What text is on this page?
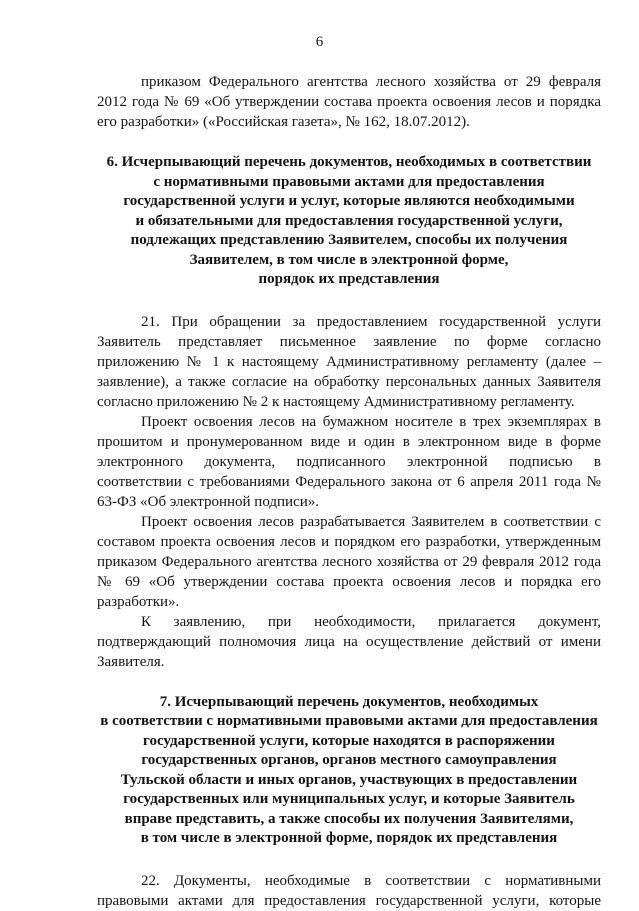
6

приказом Федерального агентства лесного хозяйства от 29 февраля 2012 года № 69 «Об утверждении состава проекта освоения лесов и порядка его разработки» («Российская газета», № 162, 18.07.2012).

6. Исчерпывающий перечень документов, необходимых в соответствии
с нормативными правовыми актами для предоставления
государственной услуги и услуг, которые являются необходимыми
и обязательными для предоставления государственной услуги,
подлежащих представлению Заявителем, способы их получения
Заявителем, в том числе в электронной форме,
порядок их представления

21. При обращении за предоставлением государственной услуги Заявитель представляет письменное заявление по форме согласно приложению № 1 к настоящему Административному регламенту (далее – заявление), а также согласие на обработку персональных данных Заявителя согласно приложению № 2 к настоящему Административному регламенту.

Проект освоения лесов на бумажном носителе в трех экземплярах в прошитом и пронумерованном виде и один в электронном виде в форме электронного документа, подписанного электронной подписью в соответствии с требованиями Федерального закона от 6 апреля 2011 года № 63-ФЗ «Об электронной подписи».

Проект освоения лесов разрабатывается Заявителем в соответствии с составом проекта освоения лесов и порядком его разработки, утвержденным приказом Федерального агентства лесного хозяйства от 29 февраля 2012 года № 69 «Об утверждении состава проекта освоения лесов и порядка его разработки».

К заявлению, при необходимости, прилагается документ, подтверждающий полномочия лица на осуществление действий от имени Заявителя.

7. Исчерпывающий перечень документов, необходимых
в соответствии с нормативными правовыми актами для предоставления
государственной услуги, которые находятся в распоряжении
государственных органов, органов местного самоуправления
Тульской области и иных органов, участвующих в предоставлении
государственных или муниципальных услуг, и которые Заявитель
вправе представить, а также способы их получения Заявителями,
в том числе в электронной форме, порядок их представления

22. Документы, необходимые в соответствии с нормативными правовыми актами для предоставления государственной услуги, которые
